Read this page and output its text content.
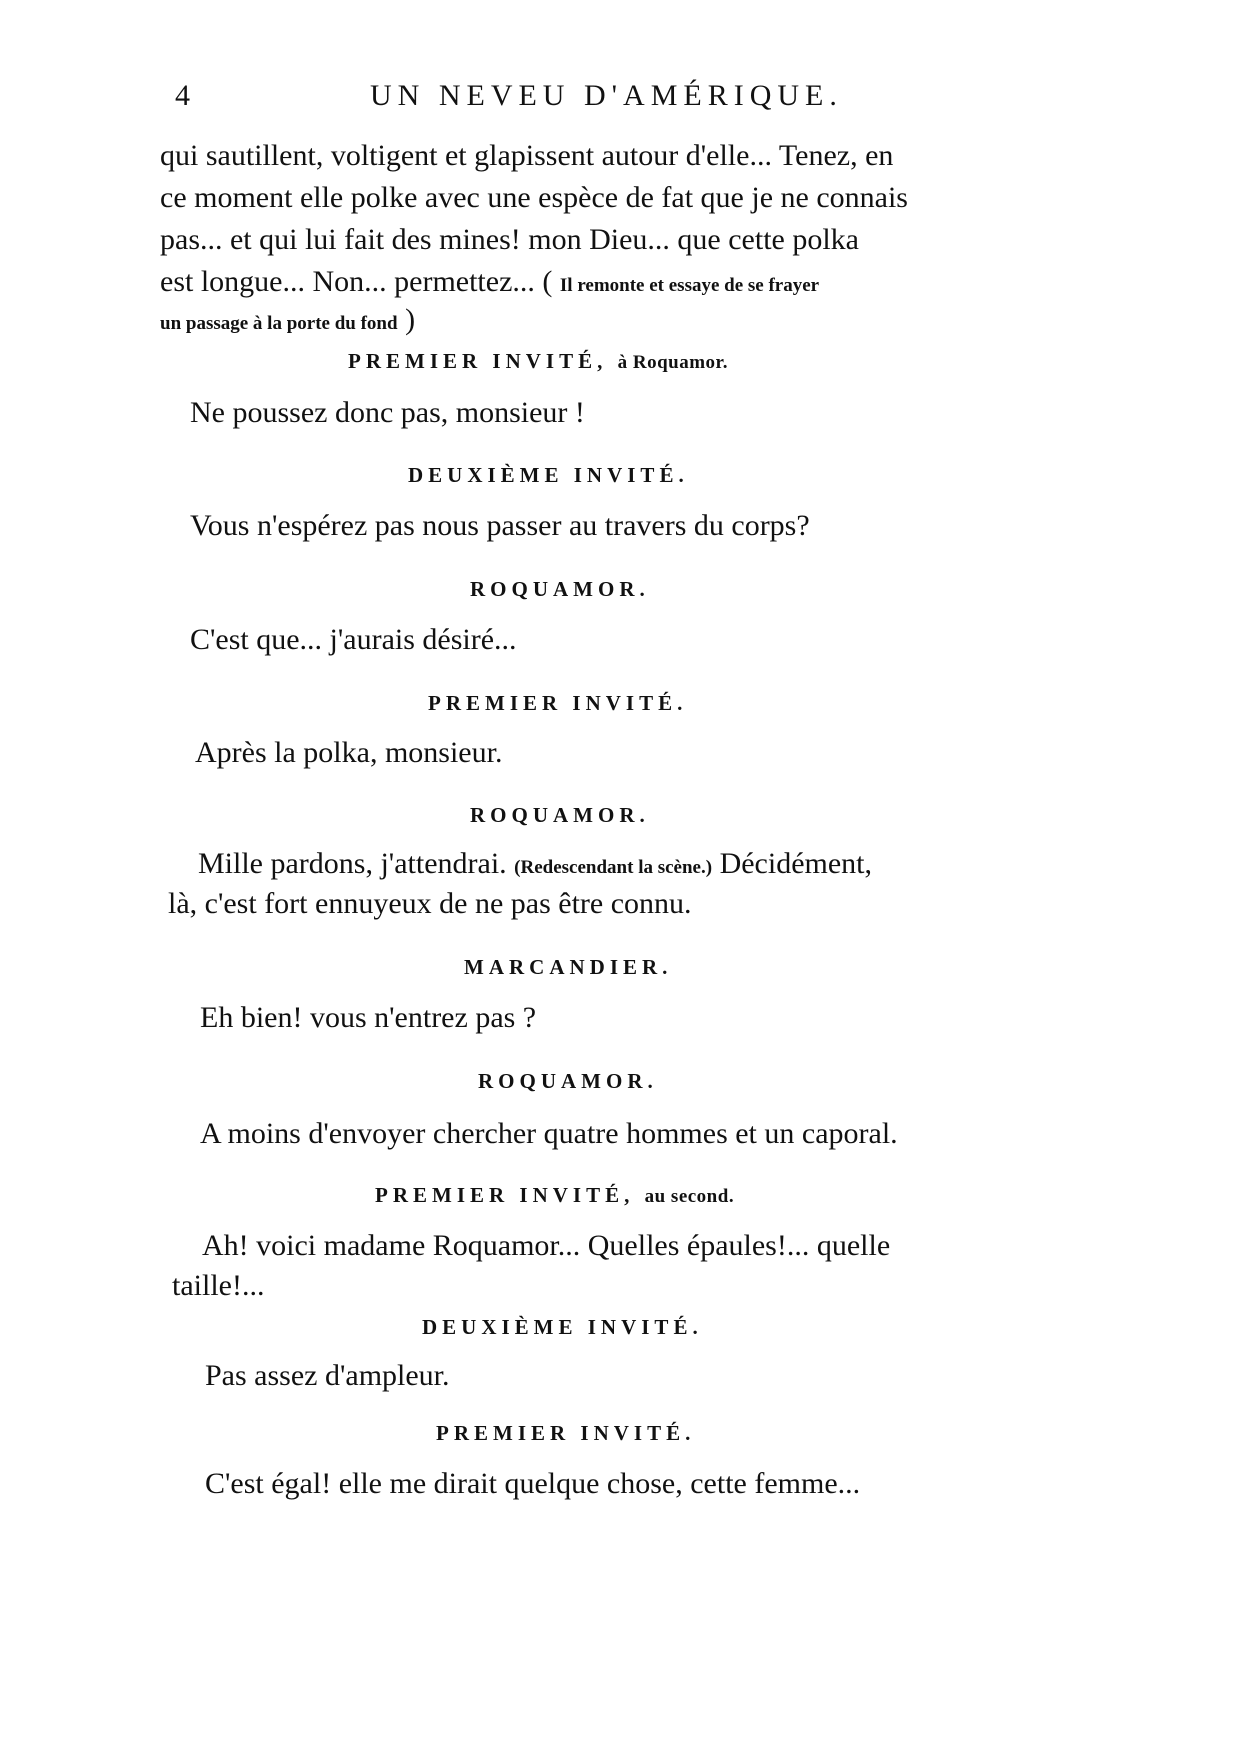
4	UN NEVEU D'AMÉRIQUE.
qui sautillent, voltigent et glapissent autour d'elle... Tenez, en
ce moment elle polke avec une espèce de fat que je ne connais
pas... et qui lui fait des mines! mon Dieu... que cette polka
est longue... Non... permettez... ( Il remonte et essaye de se frayer
un passage à la porte du fond )
PREMIER INVITÉ, à Roquamor.
Ne poussez donc pas, monsieur !
DEUXIÈME INVITÉ.
Vous n'espérez pas nous passer au travers du corps?
ROQUAMOR.
C'est que... j'aurais désiré...
PREMIER INVITÉ.
Après la polka, monsieur.
ROQUAMOR.
Mille pardons, j'attendrai. (Redescendant la scène.) Décidément,
là, c'est fort ennuyeux de ne pas être connu.
MARCANDIER.
Eh bien! vous n'entrez pas ?
ROQUAMOR.
A moins d'envoyer chercher quatre hommes et un caporal.
PREMIER INVITÉ, au second.
Ah! voici madame Roquamor... Quelles épaules!... quelle
taille!...
DEUXIÈME INVITÉ.
Pas assez d'ampleur.
PREMIER INVITÉ.
C'est égal! elle me dirait quelque chose, cette femme...
